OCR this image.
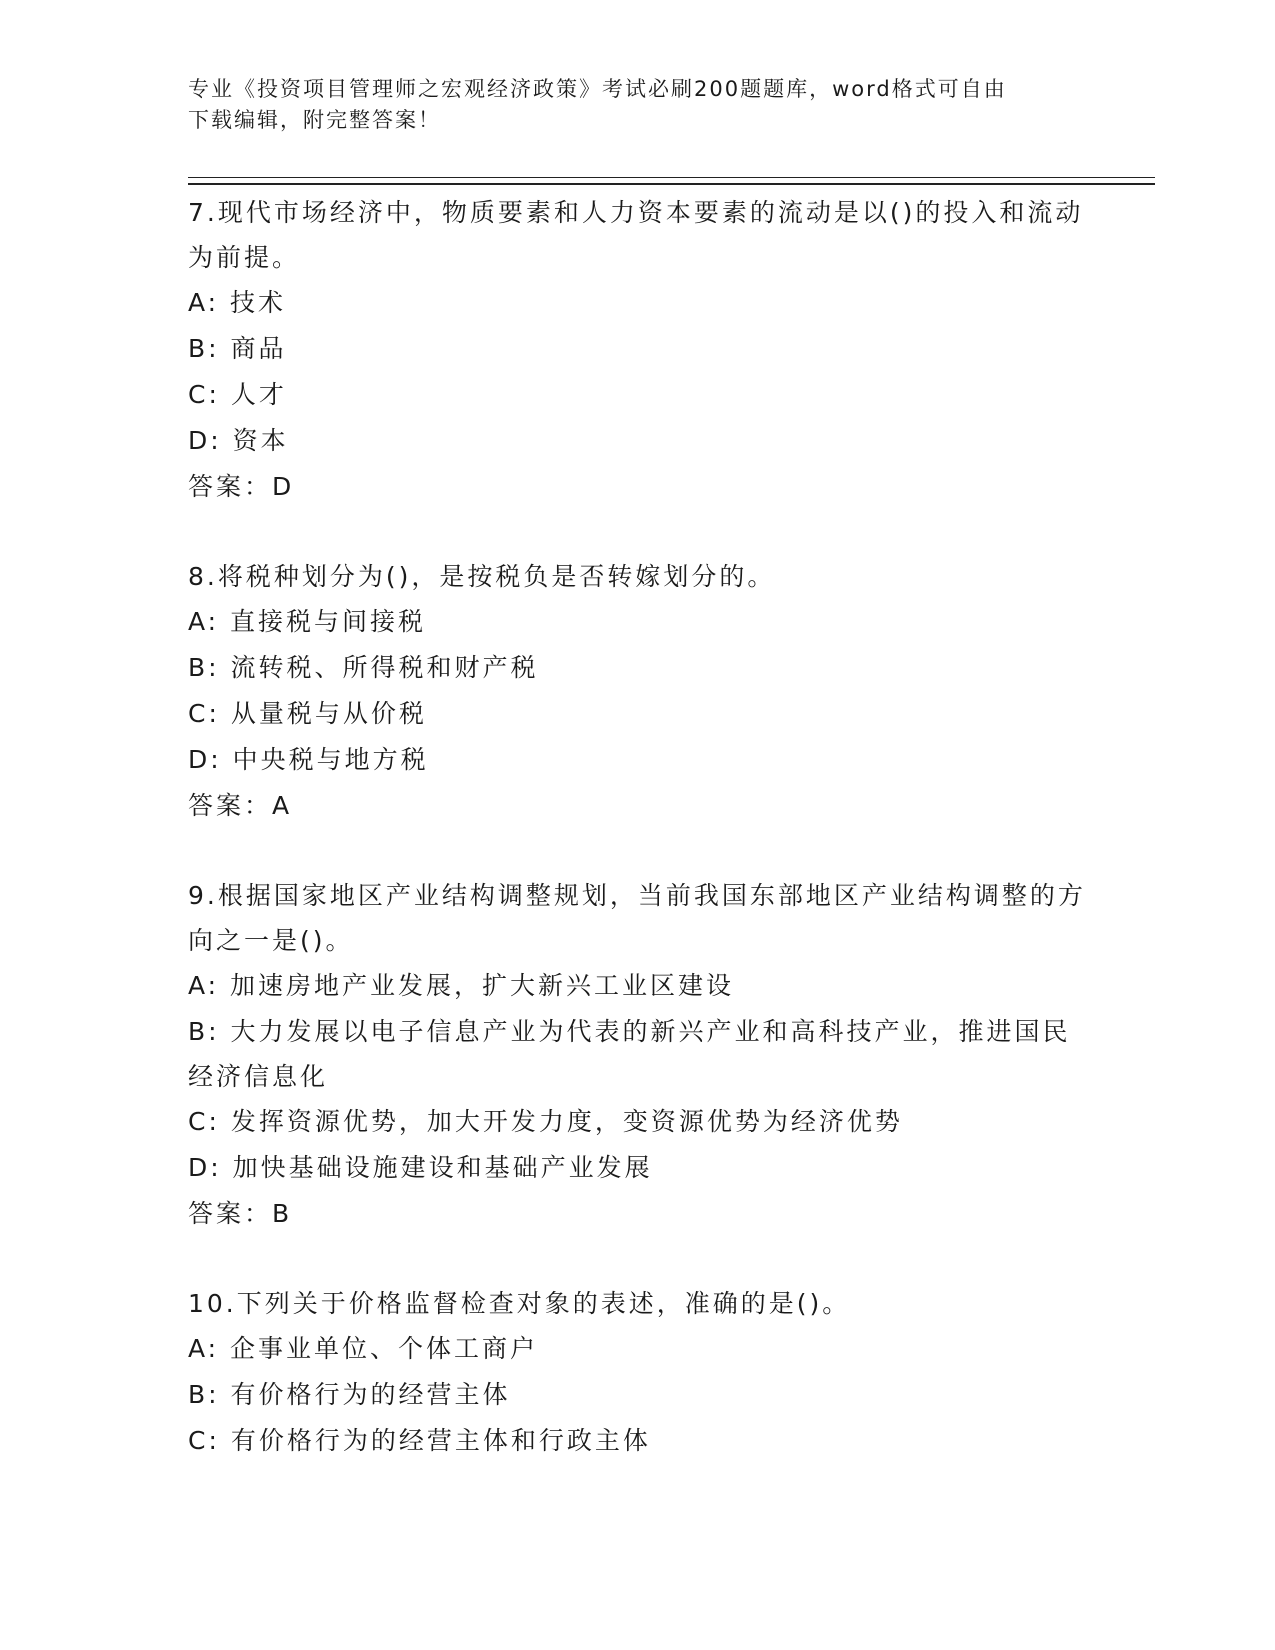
专业《投资项目管理师之宏观经济政策》考试必刷200题题库，word格式可自由
下载编辑，附完整答案！
7.现代市场经济中，物质要素和人力资本要素的流动是以()的投入和流动为前提。
A: 技术
B: 商品
C: 人才
D: 资本
答案：D
8.将税种划分为()，是按税负是否转嫁划分的。
A: 直接税与间接税
B: 流转税、所得税和财产税
C: 从量税与从价税
D: 中央税与地方税
答案：A
9.根据国家地区产业结构调整规划，当前我国东部地区产业结构调整的方向之一是()。
A: 加速房地产业发展，扩大新兴工业区建设
B: 大力发展以电子信息产业为代表的新兴产业和高科技产业，推进国民经济信息化
C: 发挥资源优势，加大开发力度，变资源优势为经济优势
D: 加快基础设施建设和基础产业发展
答案：B
10.下列关于价格监督检查对象的表述，准确的是()。
A: 企事业单位、个体工商户
B: 有价格行为的经营主体
C: 有价格行为的经营主体和行政主体
